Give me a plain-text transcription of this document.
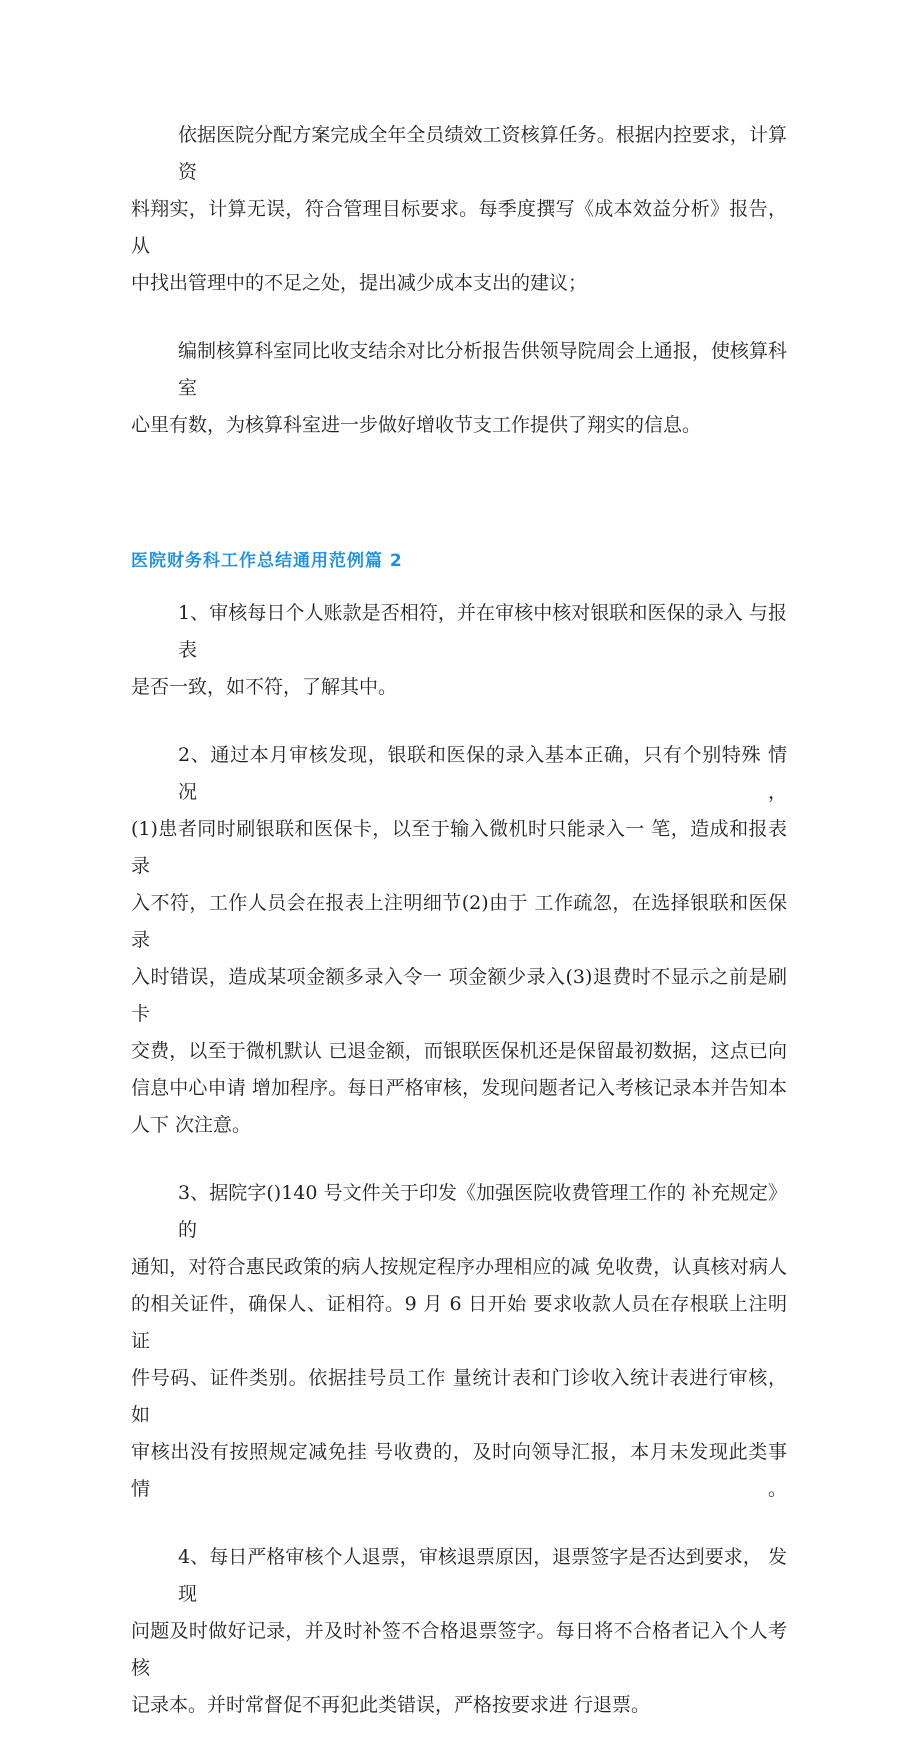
依据医院分配方案完成全年全员绩效工资核算任务。根据内控要求，计算资
料翔实，计算无误，符合管理目标要求。每季度撰写《成本效益分析》报告，从
中找出管理中的不足之处，提出减少成本支出的建议；
编制核算科室同比收支结余对比分析报告供领导院周会上通报，使核算科室
心里有数，为核算科室进一步做好增收节支工作提供了翔实的信息。
医院财务科工作总结通用范例篇 2
1、审核每日个人账款是否相符，并在审核中核对银联和医保的录入 与报表
是否一致，如不符，了解其中。
2、通过本月审核发现，银联和医保的录入基本正确，只有个别特殊 情况，
(1)患者同时刷银联和医保卡，以至于输入微机时只能录入一 笔，造成和报表录
入不符，工作人员会在报表上注明细节(2)由于 工作疏忽，在选择银联和医保录
入时错误，造成某项金额多录入令一 项金额少录入(3)退费时不显示之前是刷卡
交费，以至于微机默认 已退金额，而银联医保机还是保留最初数据，这点已向
信息中心申请 增加程序。每日严格审核，发现问题者记入考核记录本并告知本
人下 次注意。
3、据院字()140 号文件关于印发《加强医院收费管理工作的 补充规定》的
通知，对符合惠民政策的病人按规定程序办理相应的减 免收费，认真核对病人
的相关证件，确保人、证相符。9 月 6 日开始 要求收款人员在存根联上注明证
件号码、证件类别。依据挂号员工作 量统计表和门诊收入统计表进行审核， 如
审核出没有按照规定减免挂 号收费的，及时向领导汇报，本月未发现此类事情。
4、每日严格审核个人退票，审核退票原因，退票签字是否达到要求， 发现
问题及时做好记录，并及时补签不合格退票签字。每日将不合格者记入个人考核
记录本。并时常督促不再犯此类错误，严格按要求进 行退票。
